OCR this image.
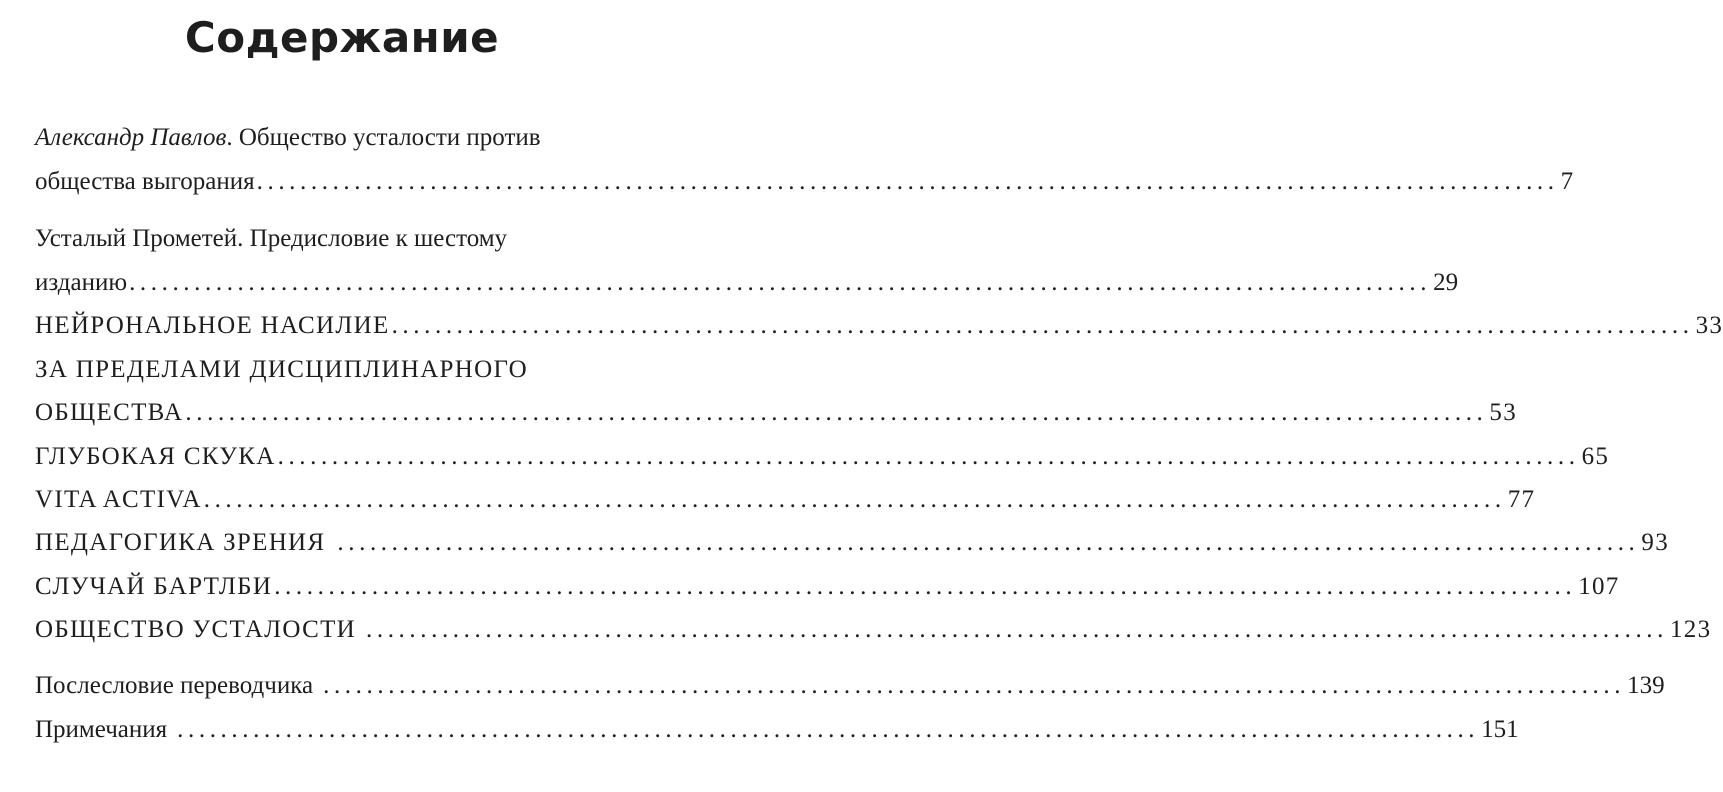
Содержание
Александр Павлов . Общество усталости против
общества выгорания ........................................................................................................................ 7
Усталый Прометей. Предисловие к шестому
изданию ........................................................................................................................ 29
НЕЙРОНАЛЬНОЕ НАСИЛИЕ ........................................................................................................................ 33
ЗА ПРЕДЕЛАМИ ДИСЦИПЛИНАРНОГО
ОБЩЕСТВА ........................................................................................................................ 53
ГЛУБОКАЯ СКУКА ........................................................................................................................ 65
VITA ACTIVA ........................................................................................................................ 77
ПЕДАГОГИКА ЗРЕНИЯ ........................................................................................................................ 93
СЛУЧАЙ БАРТЛБИ ........................................................................................................................ 107
ОБЩЕСТВО УСТАЛОСТИ ........................................................................................................................ 123
Послесловие переводчика ........................................................................................................................ 139
Примечания ........................................................................................................................ 151
